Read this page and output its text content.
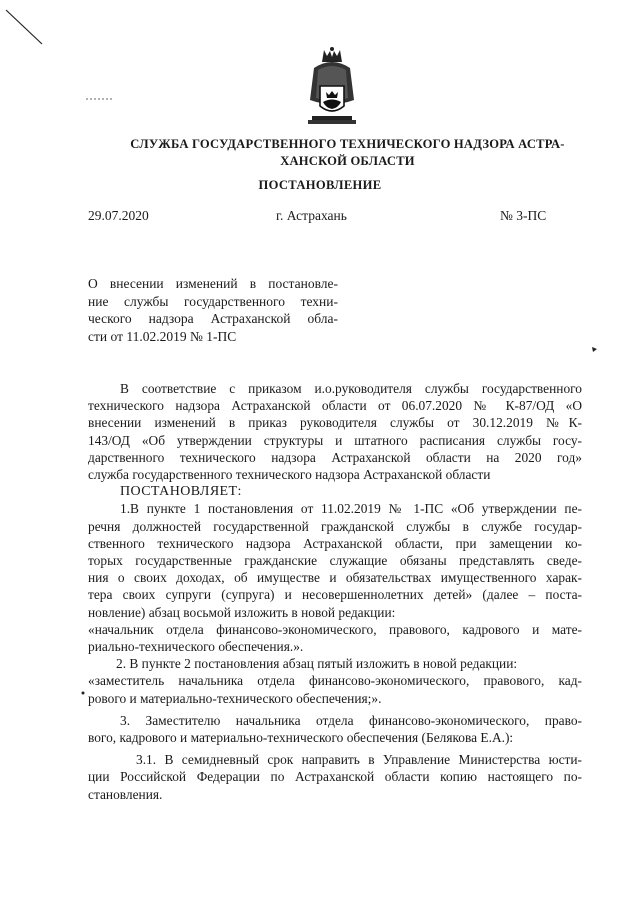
СЛУЖБА ГОСУДАРСТВЕННОГО ТЕХНИЧЕСКОГО НАДЗОРА АСТРА-
ХАНСКОЙ ОБЛАСТИ
ПОСТАНОВЛЕНИЕ
29.07.2020	г. Астрахань	№ 3-ПС
О внесении изменений в постановле-
ние службы государственного техни-
ческого надзора Астраханской обла-
сти от 11.02.2019 № 1-ПС
В соответствие с приказом и.о.руководителя службы государственного
технического надзора Астраханской области от 06.07.2020 № К-87/ОД «О
внесении изменений в приказ руководителя службы от 30.12.2019 №К-
143/ОД «Об утверждении структуры и штатного расписания службы госу-
дарственного технического надзора Астраханской области на 2020 год»
служба государственного технического надзора Астраханской области
ПОСТАНОВЛЯЕТ:
1.В пункте 1 постановления от 11.02.2019 № 1-ПС «Об утверждении пе-
речня должностей государственной гражданской службы в службе государ-
ственного технического надзора Астраханской области, при замещении ко-
торых государственные гражданские служащие обязаны представлять сведе-
ния о своих доходах, об имуществе и обязательствах имущественного харак-
тера своих супруги (супруга) и несовершеннолетних детей» (далее – поста-
новление) абзац восьмой изложить в новой редакции:
«начальник отдела финансово-экономического, правового, кадрового и мате-
риально-технического обеспечения.».
2. В пункте 2 постановления абзац пятый изложить в новой редакции:
«заместитель начальника отдела финансово-экономического, правового, кад-
рового и материально-технического обеспечения;».
3. Заместителю начальника отдела финансово-экономического, право-
вого, кадрового и материально-технического обеспечения (Белякова Е.А.):
3.1. В семидневный срок направить в Управление Министерства юсти-
ции Российской Федерации по Астраханской области копию настоящего по-
становления.
